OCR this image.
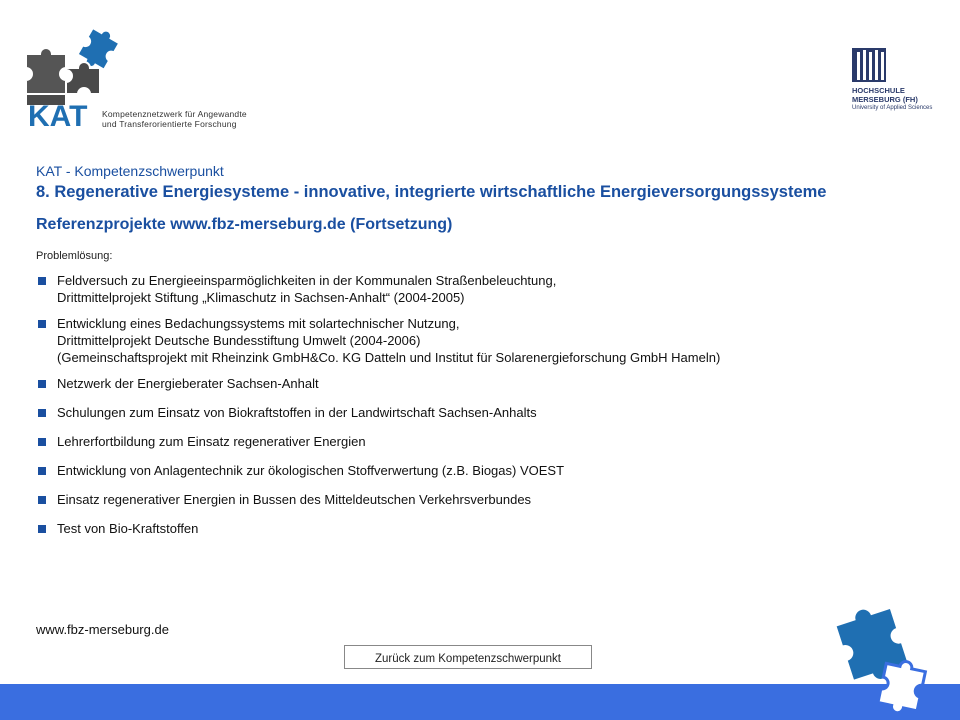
KAT Kompetenznetzwerk für Angewandte
und Transferorientierte Forschung
HOCHSCHULE
MERSEBURG (FH)
University of Applied Sciences
KAT - Kompetenzschwerpunkt
8. Regenerative Energiesysteme - innovative, integrierte wirtschaftliche Energieversorgungssysteme
Referenzprojekte www.fbz-merseburg.de (Fortsetzung)
Problemlösung:
Feldversuch zu Energieeinsparmöglichkeiten in der Kommunalen Straßenbeleuchtung,
Drittmittelprojekt Stiftung „Klimaschutz in Sachsen-Anhalt“ (2004-2005)
Entwicklung eines Bedachungssystems mit solartechnischer Nutzung,
Drittmittelprojekt Deutsche Bundesstiftung Umwelt (2004-2006)
(Gemeinschaftsprojekt mit Rheinzink GmbH&Co. KG Datteln und Institut für Solarenergieforschung GmbH Hameln)
Netzwerk der Energieberater Sachsen-Anhalt
Schulungen zum Einsatz von Biokraftstoffen in der Landwirtschaft Sachsen-Anhalts
Lehrerfortbildung zum Einsatz regenerativer Energien
Entwicklung von Anlagentechnik zur ökologischen Stoffverwertung (z.B. Biogas) VOEST
Einsatz regenerativer Energien in Bussen des Mitteldeutschen Verkehrsverbundes
Test von Bio-Kraftstoffen
www.fbz-merseburg.de
Zurück zum Kompetenzschwerpunkt
